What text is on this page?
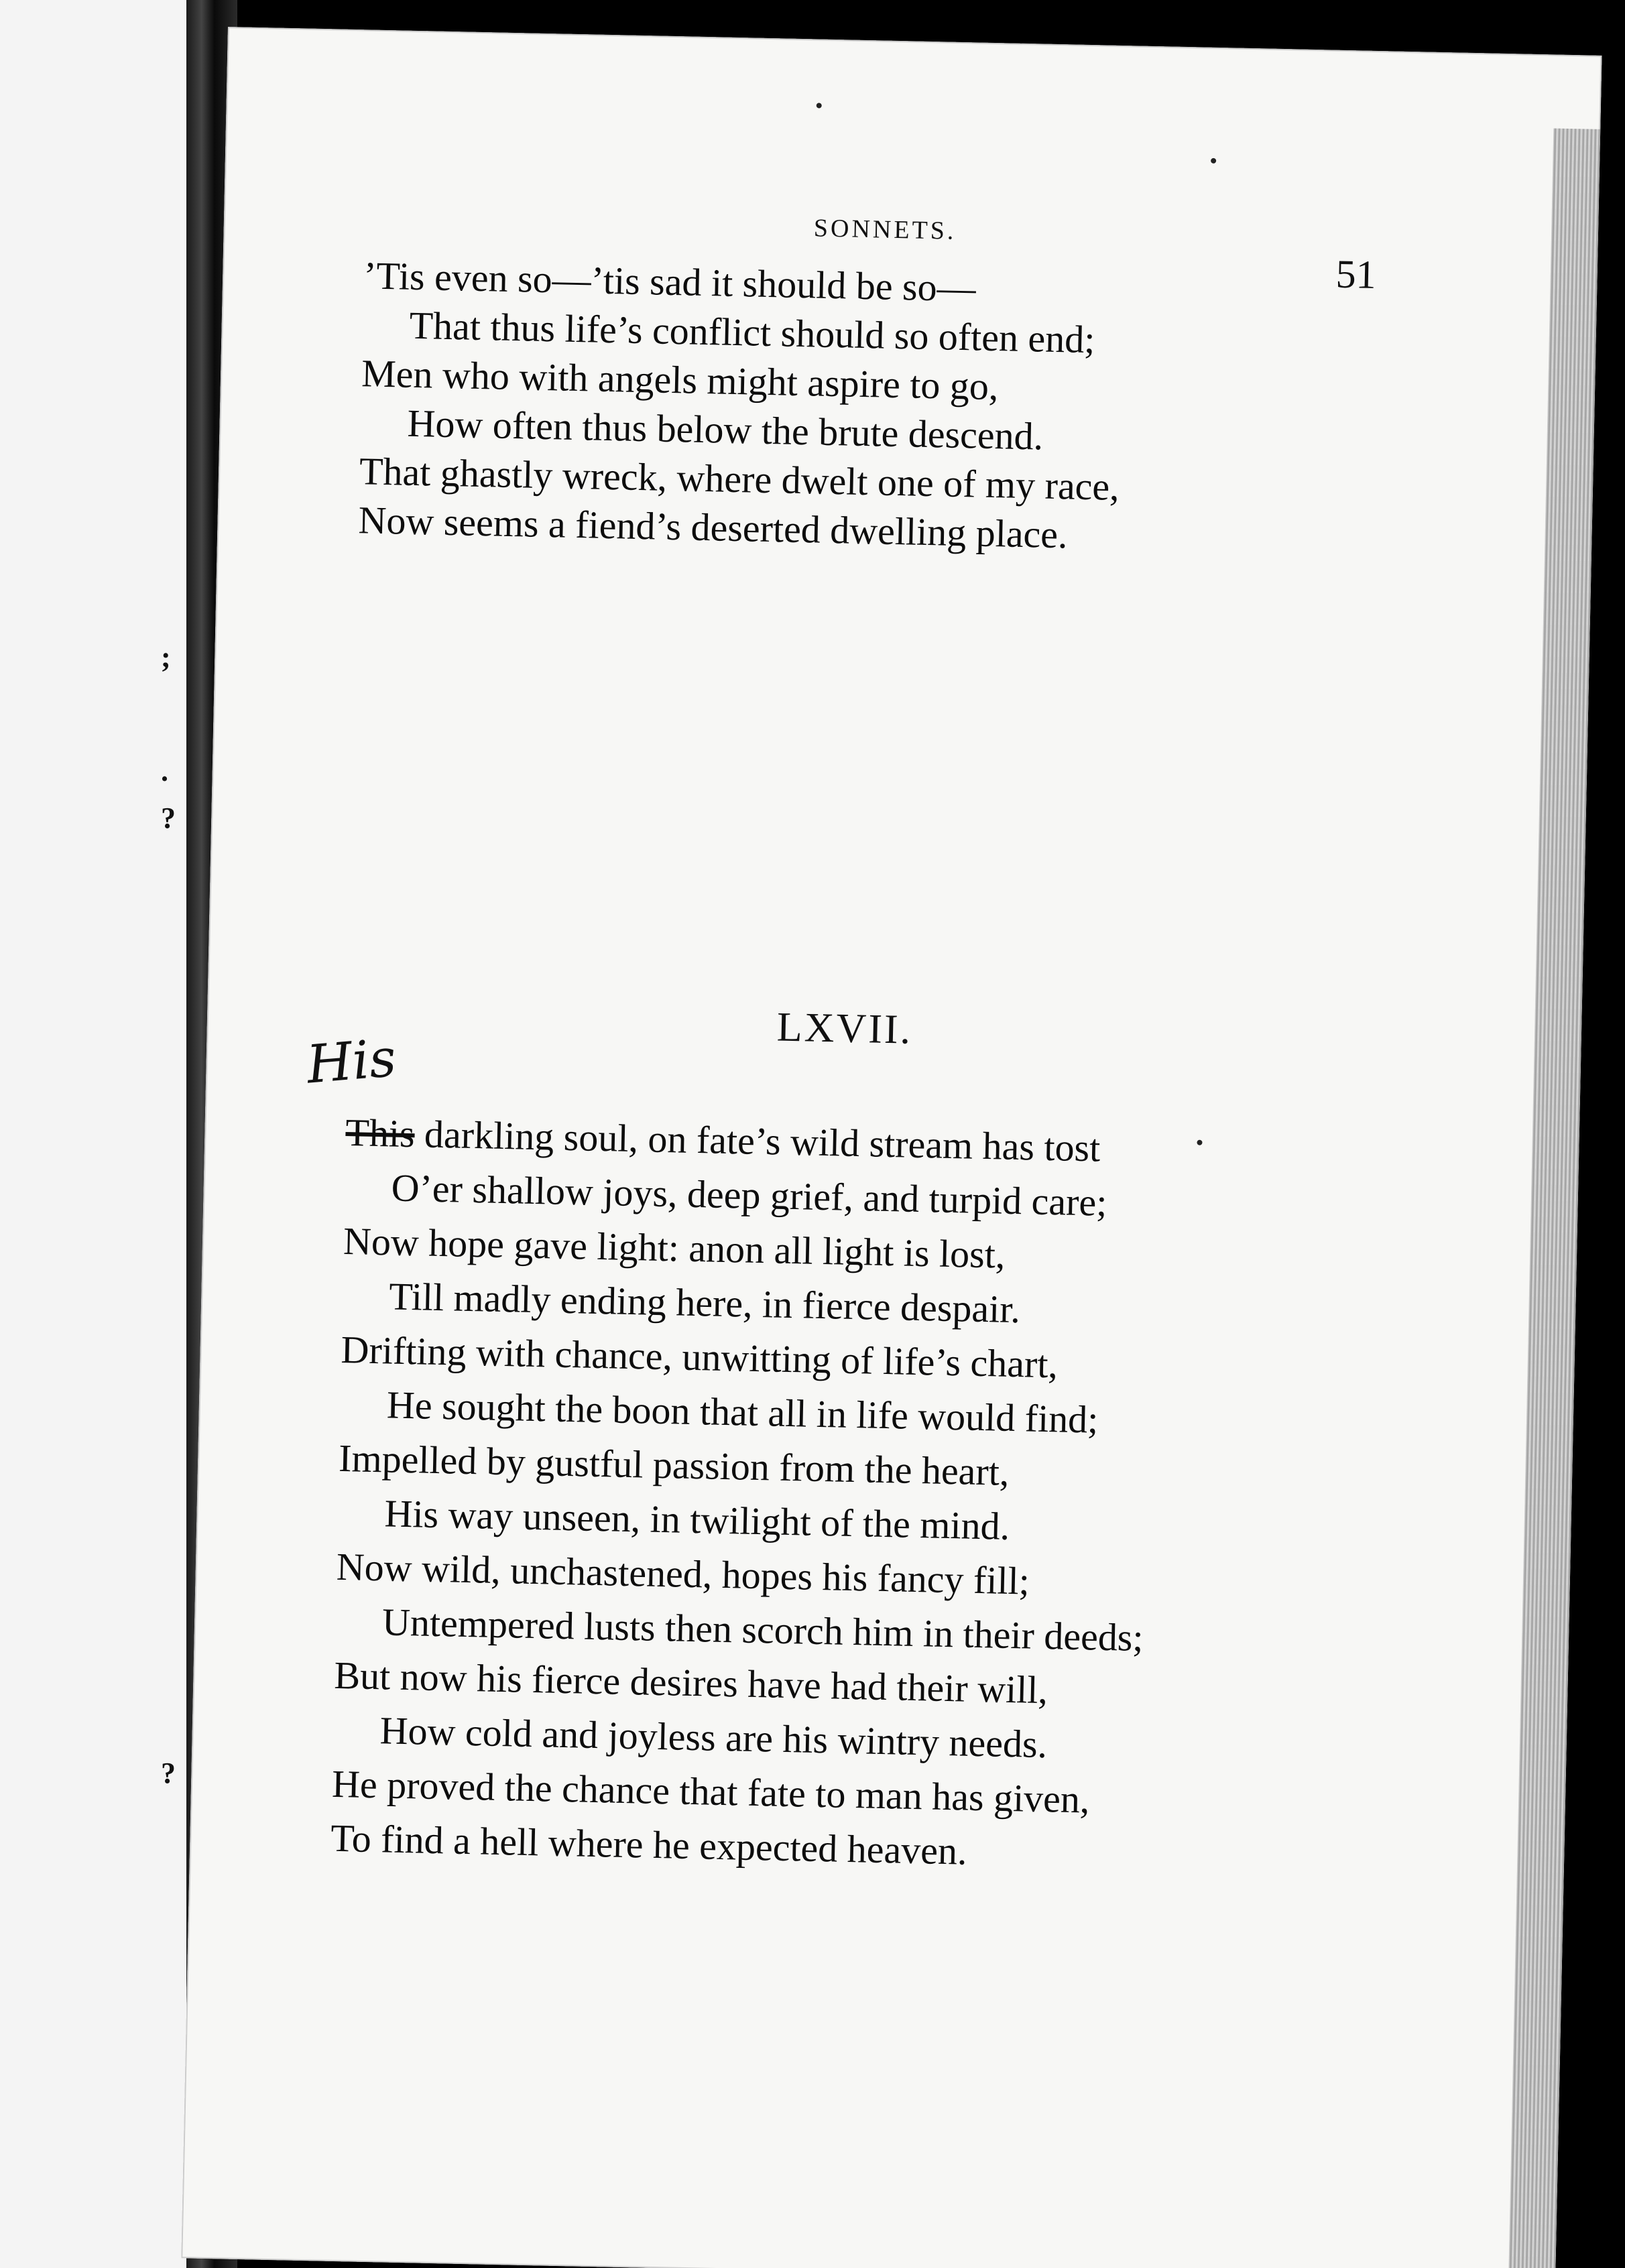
;
.
?
?
SONNETS.
51
’Tis even so—’tis sad it should be so—
That thus life’s conflict should so often end;
Men who with angels might aspire to go,
How often thus below the brute descend.
That ghastly wreck, where dwelt one of my race,
Now seems a fiend’s deserted dwelling place.
LXVII.
His
This darkling soul, on fate’s wild stream has tost
O’er shallow joys, deep grief, and turpid care;
Now hope gave light: anon all light is lost,
Till madly ending here, in fierce despair.
Drifting with chance, unwitting of life’s chart,
He sought the boon that all in life would find;
Impelled by gustful passion from the heart,
His way unseen, in twilight of the mind.
Now wild, unchastened, hopes his fancy fill;
Untempered lusts then scorch him in their deeds;
But now his fierce desires have had their will,
How cold and joyless are his wintry needs.
He proved the chance that fate to man has given,
To find a hell where he expected heaven.
